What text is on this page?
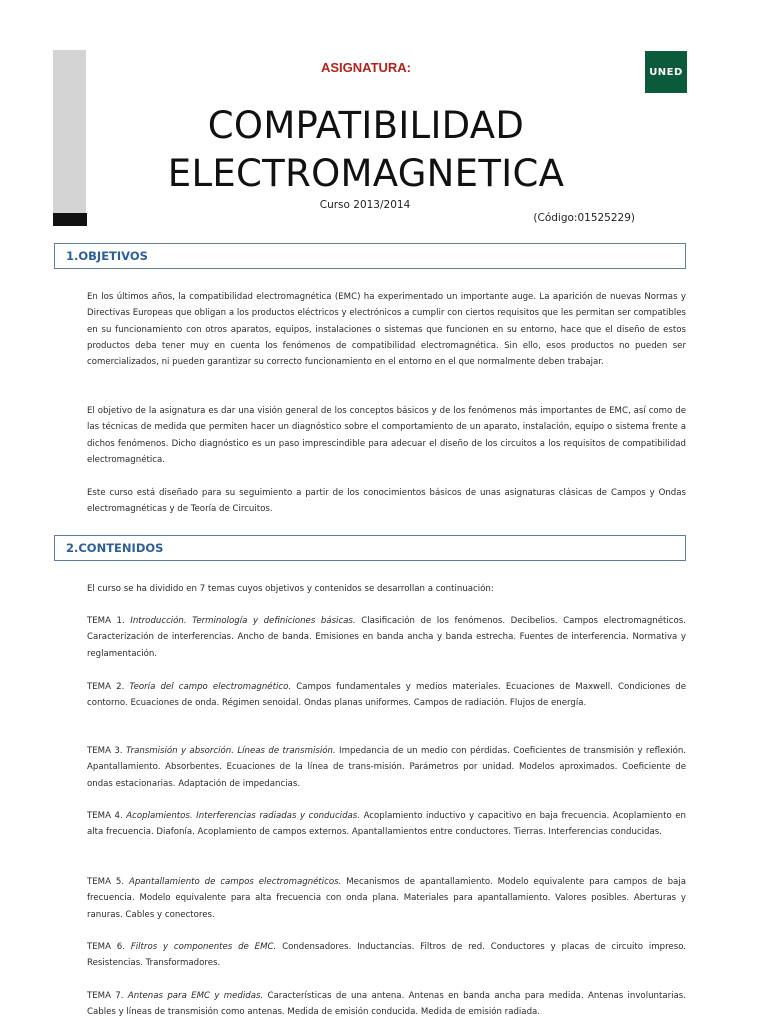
ASIGNATURA:	UNED
COMPATIBILIDAD
ELECTROMAGNETICA
Curso 2013/2014
(Código:01525229)
1.OBJETIVOS

En los últimos años, la compatibilidad electromagnética (EMC) ha experimentado un importante auge. La aparición de nuevas Normas y Directivas Europeas que obligan a los productos eléctricos y electrónicos a cumplir con ciertos requisitos que les permitan ser compatibles en su funcionamiento con otros aparatos, equipos, instalaciones o sistemas que funcionen en su entorno, hace que el diseño de estos productos deba tener muy en cuenta los fenómenos de compatibilidad electromagnética. Sin ello, esos productos no pueden ser comercializados, ni pueden garantizar su correcto funcionamiento en el entorno en el que normalmente deben trabajar.

El objetivo de la asignatura es dar una visión general de los conceptos básicos y de los fenómenos más importantes de EMC, así como de las técnicas de medida que permiten hacer un diagnóstico sobre el comportamiento de un aparato, instalación, equipo o sistema frente a dichos fenómenos. Dicho diagnóstico es un paso imprescindible para adecuar el diseño de los circuitos a los requisitos de compatibilidad electromagnética.

Este curso está diseñado para su seguimiento a partir de los conocimientos básicos de unas asignaturas clásicas de Campos y Ondas electromagnéticas y de Teoría de Circuitos.

2.CONTENIDOS

El curso se ha dividido en 7 temas cuyos objetivos y contenidos se desarrollan a continuación:

TEMA 1. Introducción. Terminología y definiciones básicas. Clasificación de los fenómenos. Decibelios. Campos electromagnéticos. Caracterización de interferencias. Ancho de banda. Emisiones en banda ancha y banda estrecha. Fuentes de interferencia. Normativa y reglamentación.

TEMA 2. Teoría del campo electromagnético. Campos fundamentales y medios materiales. Ecuaciones de Maxwell. Condiciones de contorno. Ecuaciones de onda. Régimen senoidal. Ondas planas uniformes. Campos de radiación. Flujos de energía.

TEMA 3. Transmisión y absorción. Líneas de transmisión. Impedancia de un medio con pérdidas. Coeficientes de transmisión y reflexión. Apantallamiento. Absorbentes. Ecuaciones de la línea de trans-misión. Parámetros por unidad. Modelos aproximados. Coeficiente de ondas estacionarias. Adaptación de impedancias.

TEMA 4. Acoplamientos. Interferencias radiadas y conducidas. Acoplamiento inductivo y capacitivo en baja frecuencia. Acoplamiento en alta frecuencia. Diafonía. Acoplamiento de campos externos. Apantallamientos entre conductores. Tierras. Interferencias conducidas.

TEMA 5. Apantallamiento de campos electromagnéticos. Mecanismos de apantallamiento. Modelo equivalente para campos de baja frecuencia. Modelo equivalente para alta frecuencia con onda plana. Materiales para apantallamiento. Valores posibles. Aberturas y ranuras. Cables y conectores.

TEMA 6. Filtros y componentes de EMC. Condensadores. Inductancias. Filtros de red. Conductores y placas de circuito impreso. Resistencias. Transformadores.

TEMA 7. Antenas para EMC y medidas. Características de una antena. Antenas en banda ancha para medida. Antenas involuntarias. Cables y líneas de transmisión como antenas. Medida de emisión conducida. Medida de emisión radiada.
